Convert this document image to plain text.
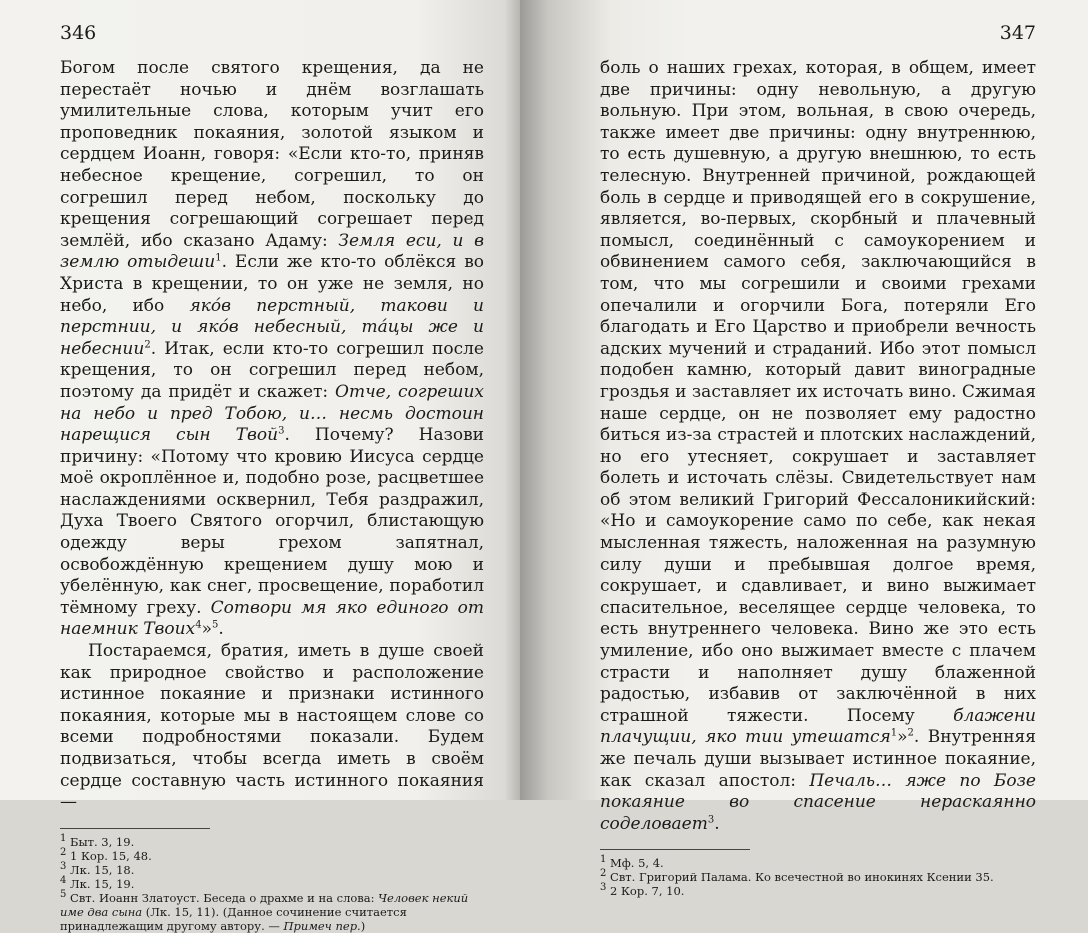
346

Богом после святого крещения, да не перестаёт ночью и днём возглашать умилительные слова, которым учит его проповедник покаяния, золотой языком и сердцем Иоанн, говоря: «Если кто-то, приняв небесное крещение, согрешил, то он согрешил перед небом, поскольку до крещения согрешающий согрешает перед землёй, ибо сказано Адаму: Земля еси, и в землю отыдеши$^1$. Если же кто-то облёкся во Христа в крещении, то он уже не земля, но небо, ибо яко́в перстный, такови и перстнии, и яко́в небесный, та́цы же и небеснии$^2$. Итак, если кто-то согрешил после крещения, то он согрешил перед небом, поэтому да придёт и скажет: Отче, согреших на небо и пред Тобою, и… несмь достоин нарещися сын Твой$^3$. Почему? Назови причину: «Потому что кровию Иисуса сердце моё окроплённое и, подобно розе, расцветшее наслаждениями осквернил, Тебя раздражил, Духа Твоего Святого огорчил, блистающую одежду веры грехом запятнал, освобождённую крещением душу мою и убелённую, как снег, просвещение, поработил тёмному греху. Сотвори мя яко единого от наемник Твоих$^4$»$^5$.

Постараемся, братия, иметь в душе своей как природное свойство и расположение истинное покаяние и признаки истинного покаяния, которые мы в настоящем слове со всеми подробностями показали. Будем подвизаться, чтобы всегда иметь в своём сердце составную часть истинного покаяния —

$^1$ Быт. 3, 19.
$^2$ 1 Кор. 15, 48.
$^3$ Лк. 15, 18.
$^4$ Лк. 15, 19.
$^5$ Свт. Иоанн Златоуст. Беседа о драхме и на слова: Человек некий име два сына (Лк. 15, 11). (Данное сочинение считается принадлежащим другому автору. — Примеч пер.)
347

боль о наших грехах, которая, в общем, имеет две причины: одну невольную, а другую вольную. При этом, вольная, в свою очередь, также имеет две причины: одну внутреннюю, то есть душевную, а другую внешнюю, то есть телесную. Внутренней причиной, рождающей боль в сердце и приводящей его в сокрушение, является, во-первых, скорбный и плачевный помысл, соединённый с самоукорением и обвинением самого себя, заключающийся в том, что мы согрешили и своими грехами опечалили и огорчили Бога, потеряли Его благодать и Его Царство и приобрели вечность адских мучений и страданий. Ибо этот помысл подобен камню, который давит виноградные гроздья и заставляет их источать вино. Сжимая наше сердце, он не позволяет ему радостно биться из-за страстей и плотских наслаждений, но его утесняет, сокрушает и заставляет болеть и источать слёзы. Свидетельствует нам об этом великий Григорий Фессалоникийский: «Но и самоукорение само по себе, как некая мысленная тяжесть, наложенная на разумную силу души и пребывшая долгое время, сокрушает, и сдавливает, и вино выжимает спасительное, веселящее сердце человека, то есть внутреннего человека. Вино же это есть умиление, ибо оно выжимает вместе с плачем страсти и наполняет душу блаженной радостью, избавив от заключённой в них страшной тяжести. Посему блажени плачущии, яко тии утешатся$^1$»$^2$. Внутренняя же печаль души вызывает истинное покаяние, как сказал апостол: Печаль… яже по Бозе покаяние во спасение нераскаянно соделовает$^3$.

$^1$ Мф. 5, 4.
$^2$ Свт. Григорий Палама. Ко всечестной во инокинях Ксении 35.
$^3$ 2 Кор. 7, 10.
